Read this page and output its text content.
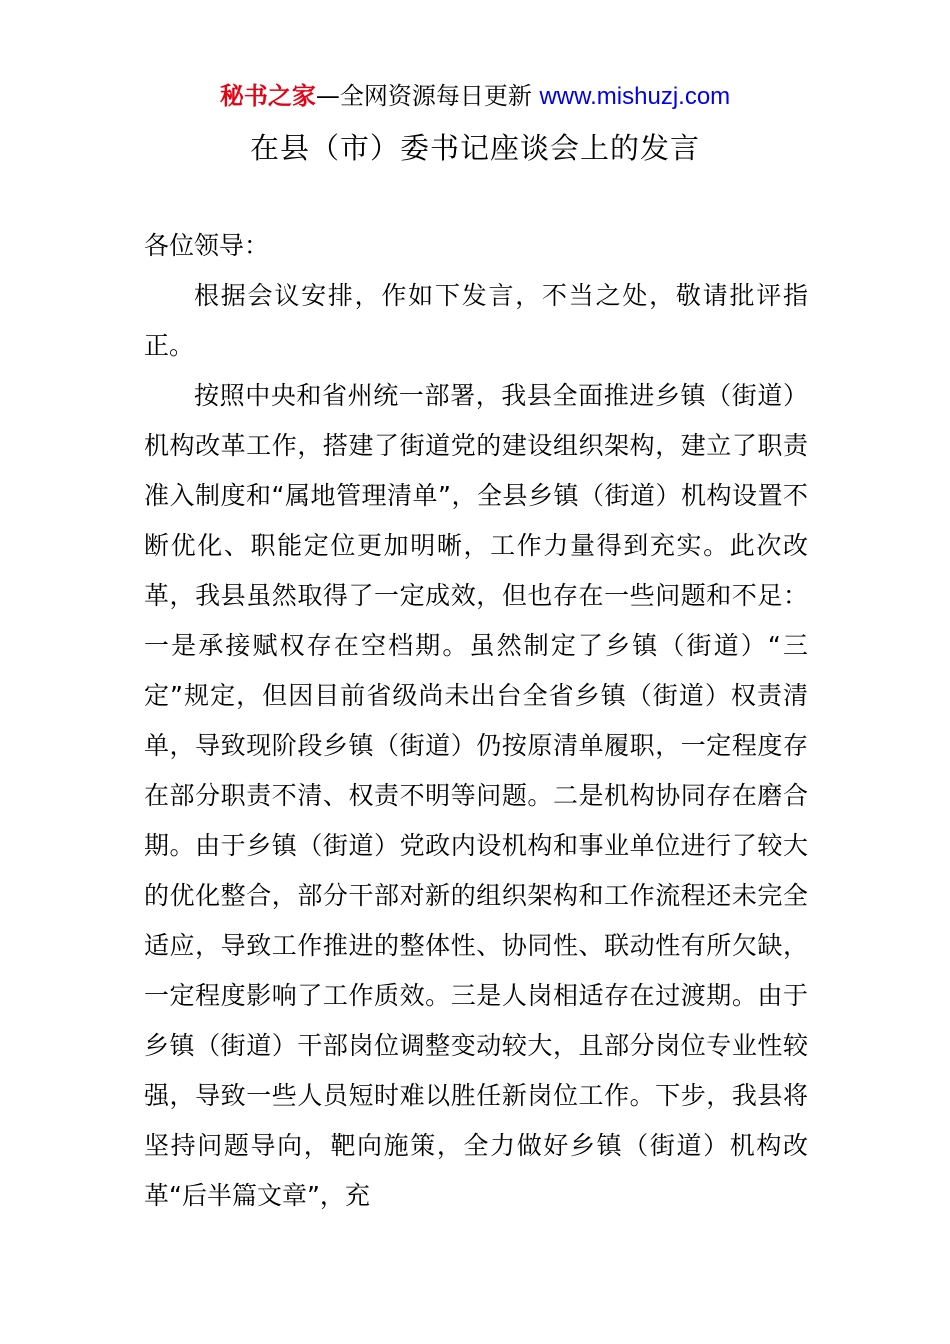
秘书之家—全网资源每日更新 www.mishuzj.com
在县（市）委书记座谈会上的发言

各位领导：

根据会议安排，作如下发言，不当之处，敬请批评指正。

按照中央和省州统一部署，我县全面推进乡镇（街道）机构改革工作，搭建了街道党的建设组织架构，建立了职责准入制度和“属地管理清单”，全县乡镇（街道）机构设置不断优化、职能定位更加明晰，工作力量得到充实。此次改革，我县虽然取得了一定成效，但也存在一些问题和不足：一是承接赋权存在空档期。虽然制定了乡镇（街道）“三定”规定，但因目前省级尚未出台全省乡镇（街道）权责清单，导致现阶段乡镇（街道）仍按原清单履职，一定程度存在部分职责不清、权责不明等问题。二是机构协同存在磨合期。由于乡镇（街道）党政内设机构和事业单位进行了较大的优化整合，部分干部对新的组织架构和工作流程还未完全适应，导致工作推进的整体性、协同性、联动性有所欠缺，一定程度影响了工作质效。三是人岗相适存在过渡期。由于乡镇（街道）干部岗位调整变动较大，且部分岗位专业性较强，导致一些人员短时难以胜任新岗位工作。下步，我县将坚持问题导向，靶向施策，全力做好乡镇（街道）机构改革“后半篇文章”，充
